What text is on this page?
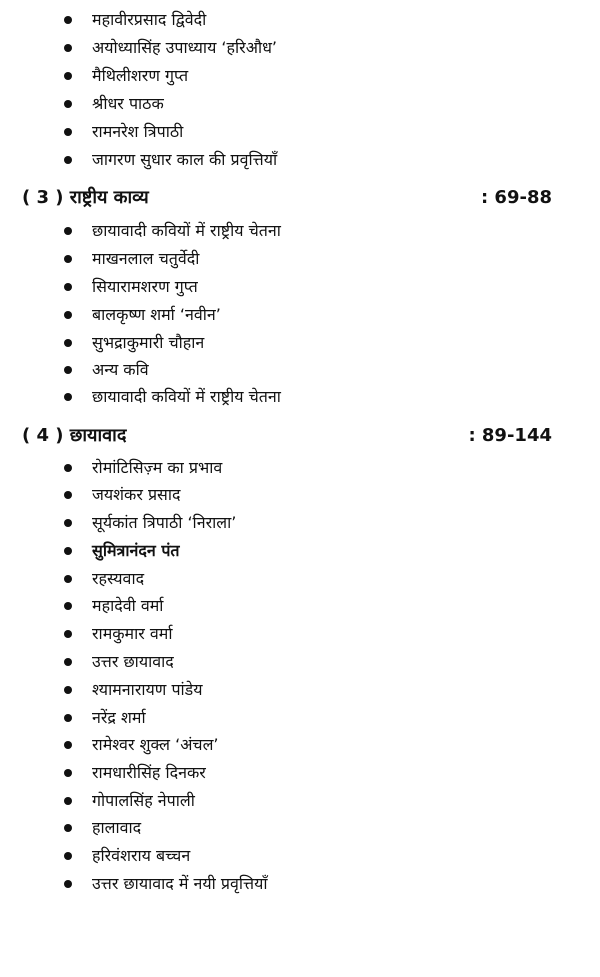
महावीरप्रसाद द्विवेदी
अयोध्यासिंह उपाध्याय ‘हरिऔध’
मैथिलीशरण गुप्त
श्रीधर पाठक
रामनरेश त्रिपाठी
जागरण सुधार काल की प्रवृत्तियाँ
( 3 ) राष्ट्रीय काव्य	: 69-88
छायावादी कवियों में राष्ट्रीय चेतना
माखनलाल चतुर्वेदी
सियारामशरण गुप्त
बालकृष्ण शर्मा ‘नवीन’
सुभद्राकुमारी चौहान
अन्य कवि
छायावादी कवियों में राष्ट्रीय चेतना
( 4 ) छायावाद	: 89-144
रोमांटिसिज़्म का प्रभाव
जयशंकर प्रसाद
सूर्यकांत त्रिपाठी ‘निराला’
सुमित्रानंदन पंत
रहस्यवाद
महादेवी वर्मा
रामकुमार वर्मा
उत्तर छायावाद
श्यामनारायण पांडेय
नरेंद्र शर्मा
रामेश्वर शुक्ल ‘अंचल’
रामधारीसिंह दिनकर
गोपालसिंह नेपाली
हालावाद
हरिवंशराय बच्चन
उत्तर छायावाद में नयी प्रवृत्तियाँ
